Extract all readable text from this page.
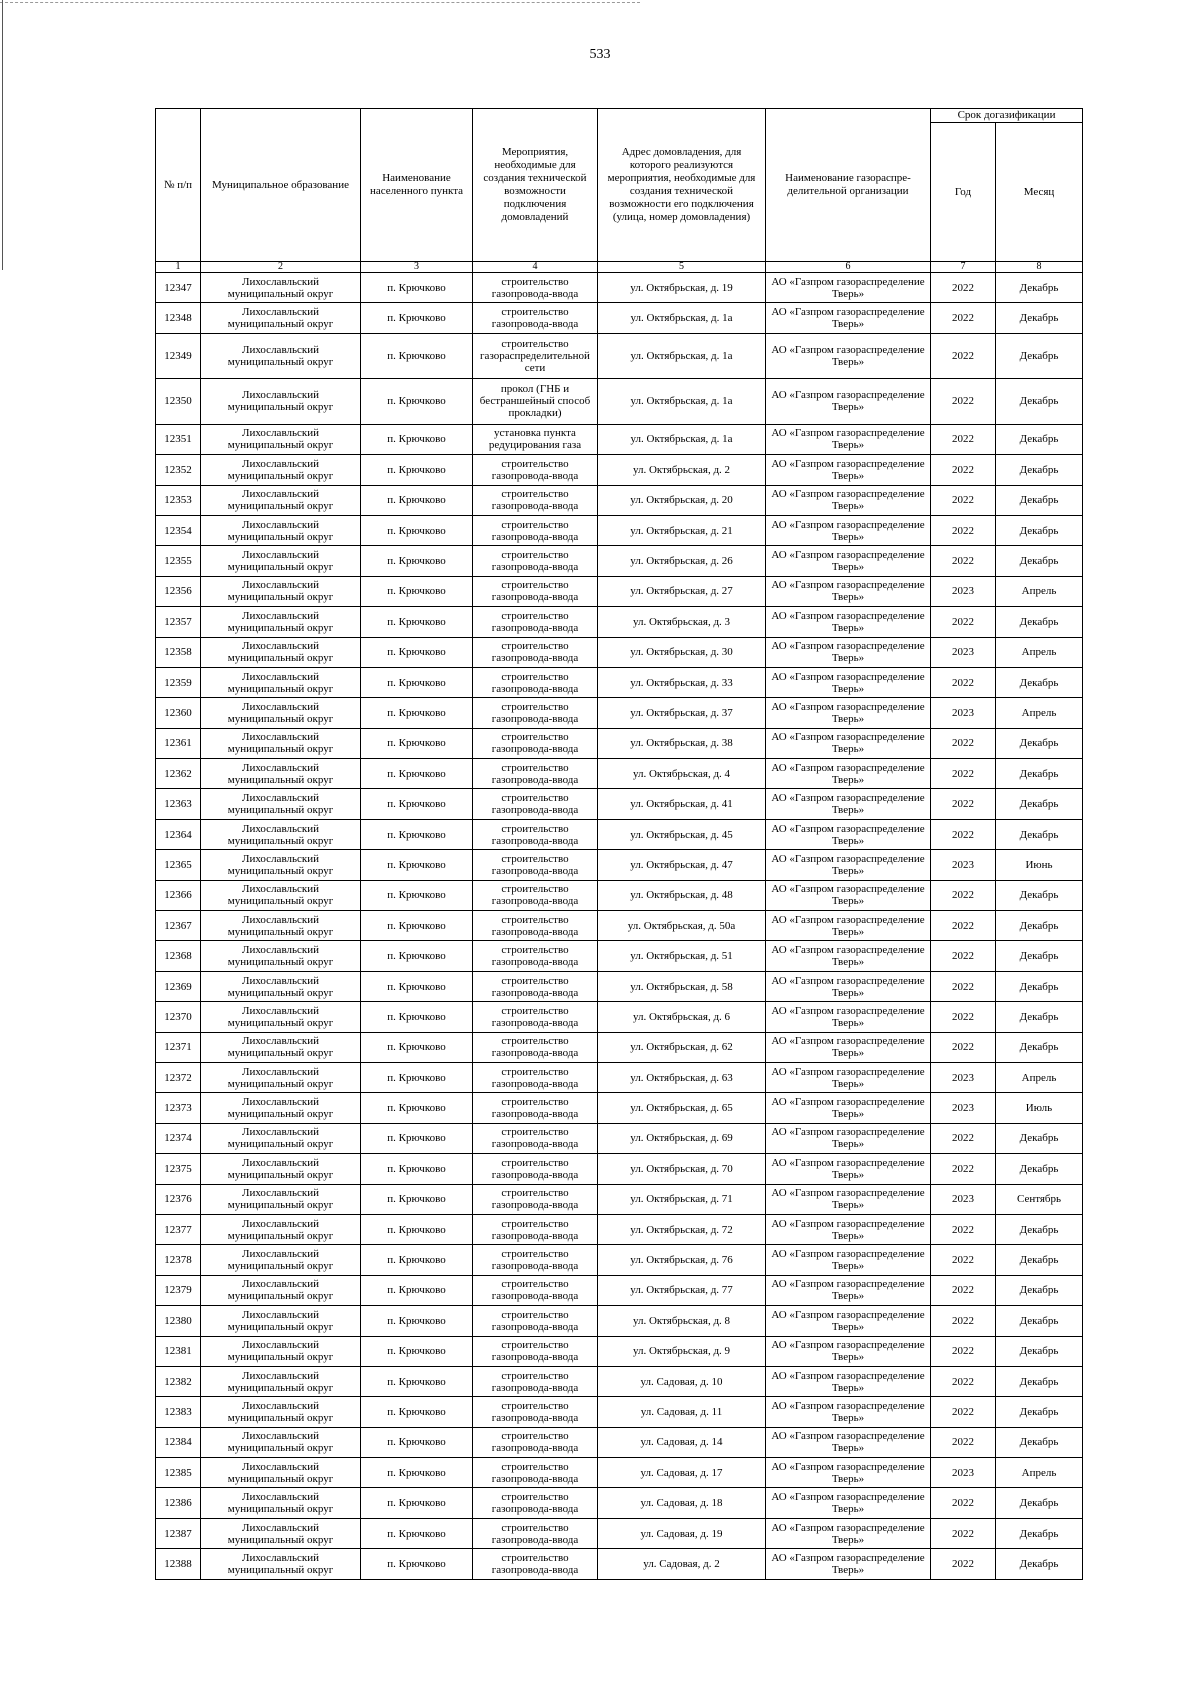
533
№ п/п	Муниципальное образование	Наименование населенного пункта	Мероприятия, необходимые для создания технической возможности подключения домовладений	Адрес домовладения, для которого реализуются мероприятия, необходимые для создания технической возможности его подключения (улица, номер домовладения)	Наименование газораспре-делительной организации	Срок догазификации	
						Год	Месяц
1	2	3	4	5	6	7	8
12347	Лихославльский муниципальный округ	п. Крючково	строительство газопровода-ввода	ул. Октябрьская, д. 19	АО «Газпром газораспределение Тверь»	2022	Декабрь
12348	Лихославльский муниципальный округ	п. Крючково	строительство газопровода-ввода	ул. Октябрьская, д. 1а	АО «Газпром газораспределение Тверь»	2022	Декабрь
12349	Лихославльский муниципальный округ	п. Крючково	строительство газораспределительной сети	ул. Октябрьская, д. 1а	АО «Газпром газораспределение Тверь»	2022	Декабрь
12350	Лихославльский муниципальный округ	п. Крючково	прокол (ГНБ и бестраншейный способ прокладки)	ул. Октябрьская, д. 1а	АО «Газпром газораспределение Тверь»	2022	Декабрь
12351	Лихославльский муниципальный округ	п. Крючково	установка пункта редуцирования газа	ул. Октябрьская, д. 1а	АО «Газпром газораспределение Тверь»	2022	Декабрь
12352	Лихославльский муниципальный округ	п. Крючково	строительство газопровода-ввода	ул. Октябрьская, д. 2	АО «Газпром газораспределение Тверь»	2022	Декабрь
12353	Лихославльский муниципальный округ	п. Крючково	строительство газопровода-ввода	ул. Октябрьская, д. 20	АО «Газпром газораспределение Тверь»	2022	Декабрь
12354	Лихославльский муниципальный округ	п. Крючково	строительство газопровода-ввода	ул. Октябрьская, д. 21	АО «Газпром газораспределение Тверь»	2022	Декабрь
12355	Лихославльский муниципальный округ	п. Крючково	строительство газопровода-ввода	ул. Октябрьская, д. 26	АО «Газпром газораспределение Тверь»	2022	Декабрь
12356	Лихославльский муниципальный округ	п. Крючково	строительство газопровода-ввода	ул. Октябрьская, д. 27	АО «Газпром газораспределение Тверь»	2023	Апрель
12357	Лихославльский муниципальный округ	п. Крючково	строительство газопровода-ввода	ул. Октябрьская, д. 3	АО «Газпром газораспределение Тверь»	2022	Декабрь
12358	Лихославльский муниципальный округ	п. Крючково	строительство газопровода-ввода	ул. Октябрьская, д. 30	АО «Газпром газораспределение Тверь»	2023	Апрель
12359	Лихославльский муниципальный округ	п. Крючково	строительство газопровода-ввода	ул. Октябрьская, д. 33	АО «Газпром газораспределение Тверь»	2022	Декабрь
12360	Лихославльский муниципальный округ	п. Крючково	строительство газопровода-ввода	ул. Октябрьская, д. 37	АО «Газпром газораспределение Тверь»	2023	Апрель
12361	Лихославльский муниципальный округ	п. Крючково	строительство газопровода-ввода	ул. Октябрьская, д. 38	АО «Газпром газораспределение Тверь»	2022	Декабрь
12362	Лихославльский муниципальный округ	п. Крючково	строительство газопровода-ввода	ул. Октябрьская, д. 4	АО «Газпром газораспределение Тверь»	2022	Декабрь
12363	Лихославльский муниципальный округ	п. Крючково	строительство газопровода-ввода	ул. Октябрьская, д. 41	АО «Газпром газораспределение Тверь»	2022	Декабрь
12364	Лихославльский муниципальный округ	п. Крючково	строительство газопровода-ввода	ул. Октябрьская, д. 45	АО «Газпром газораспределение Тверь»	2022	Декабрь
12365	Лихославльский муниципальный округ	п. Крючково	строительство газопровода-ввода	ул. Октябрьская, д. 47	АО «Газпром газораспределение Тверь»	2023	Июнь
12366	Лихославльский муниципальный округ	п. Крючково	строительство газопровода-ввода	ул. Октябрьская, д. 48	АО «Газпром газораспределение Тверь»	2022	Декабрь
12367	Лихославльский муниципальный округ	п. Крючково	строительство газопровода-ввода	ул. Октябрьская, д. 50а	АО «Газпром газораспределение Тверь»	2022	Декабрь
12368	Лихославльский муниципальный округ	п. Крючково	строительство газопровода-ввода	ул. Октябрьская, д. 51	АО «Газпром газораспределение Тверь»	2022	Декабрь
12369	Лихославльский муниципальный округ	п. Крючково	строительство газопровода-ввода	ул. Октябрьская, д. 58	АО «Газпром газораспределение Тверь»	2022	Декабрь
12370	Лихославльский муниципальный округ	п. Крючково	строительство газопровода-ввода	ул. Октябрьская, д. 6	АО «Газпром газораспределение Тверь»	2022	Декабрь
12371	Лихославльский муниципальный округ	п. Крючково	строительство газопровода-ввода	ул. Октябрьская, д. 62	АО «Газпром газораспределение Тверь»	2022	Декабрь
12372	Лихославльский муниципальный округ	п. Крючково	строительство газопровода-ввода	ул. Октябрьская, д. 63	АО «Газпром газораспределение Тверь»	2023	Апрель
12373	Лихославльский муниципальный округ	п. Крючково	строительство газопровода-ввода	ул. Октябрьская, д. 65	АО «Газпром газораспределение Тверь»	2023	Июль
12374	Лихославльский муниципальный округ	п. Крючково	строительство газопровода-ввода	ул. Октябрьская, д. 69	АО «Газпром газораспределение Тверь»	2022	Декабрь
12375	Лихославльский муниципальный округ	п. Крючково	строительство газопровода-ввода	ул. Октябрьская, д. 70	АО «Газпром газораспределение Тверь»	2022	Декабрь
12376	Лихославльский муниципальный округ	п. Крючково	строительство газопровода-ввода	ул. Октябрьская, д. 71	АО «Газпром газораспределение Тверь»	2023	Сентябрь
12377	Лихославльский муниципальный округ	п. Крючково	строительство газопровода-ввода	ул. Октябрьская, д. 72	АО «Газпром газораспределение Тверь»	2022	Декабрь
12378	Лихославльский муниципальный округ	п. Крючково	строительство газопровода-ввода	ул. Октябрьская, д. 76	АО «Газпром газораспределение Тверь»	2022	Декабрь
12379	Лихославльский муниципальный округ	п. Крючково	строительство газопровода-ввода	ул. Октябрьская, д. 77	АО «Газпром газораспределение Тверь»	2022	Декабрь
12380	Лихославльский муниципальный округ	п. Крючково	строительство газопровода-ввода	ул. Октябрьская, д. 8	АО «Газпром газораспределение Тверь»	2022	Декабрь
12381	Лихославльский муниципальный округ	п. Крючково	строительство газопровода-ввода	ул. Октябрьская, д. 9	АО «Газпром газораспределение Тверь»	2022	Декабрь
12382	Лихославльский муниципальный округ	п. Крючково	строительство газопровода-ввода	ул. Садовая, д. 10	АО «Газпром газораспределение Тверь»	2022	Декабрь
12383	Лихославльский муниципальный округ	п. Крючково	строительство газопровода-ввода	ул. Садовая, д. 11	АО «Газпром газораспределение Тверь»	2022	Декабрь
12384	Лихославльский муниципальный округ	п. Крючково	строительство газопровода-ввода	ул. Садовая, д. 14	АО «Газпром газораспределение Тверь»	2022	Декабрь
12385	Лихославльский муниципальный округ	п. Крючково	строительство газопровода-ввода	ул. Садовая, д. 17	АО «Газпром газораспределение Тверь»	2023	Апрель
12386	Лихославльский муниципальный округ	п. Крючково	строительство газопровода-ввода	ул. Садовая, д. 18	АО «Газпром газораспределение Тверь»	2022	Декабрь
12387	Лихославльский муниципальный округ	п. Крючково	строительство газопровода-ввода	ул. Садовая, д. 19	АО «Газпром газораспределение Тверь»	2022	Декабрь
12388	Лихославльский муниципальный округ	п. Крючково	строительство газопровода-ввода	ул. Садовая, д. 2	АО «Газпром газораспределение Тверь»	2022	Декабрь
